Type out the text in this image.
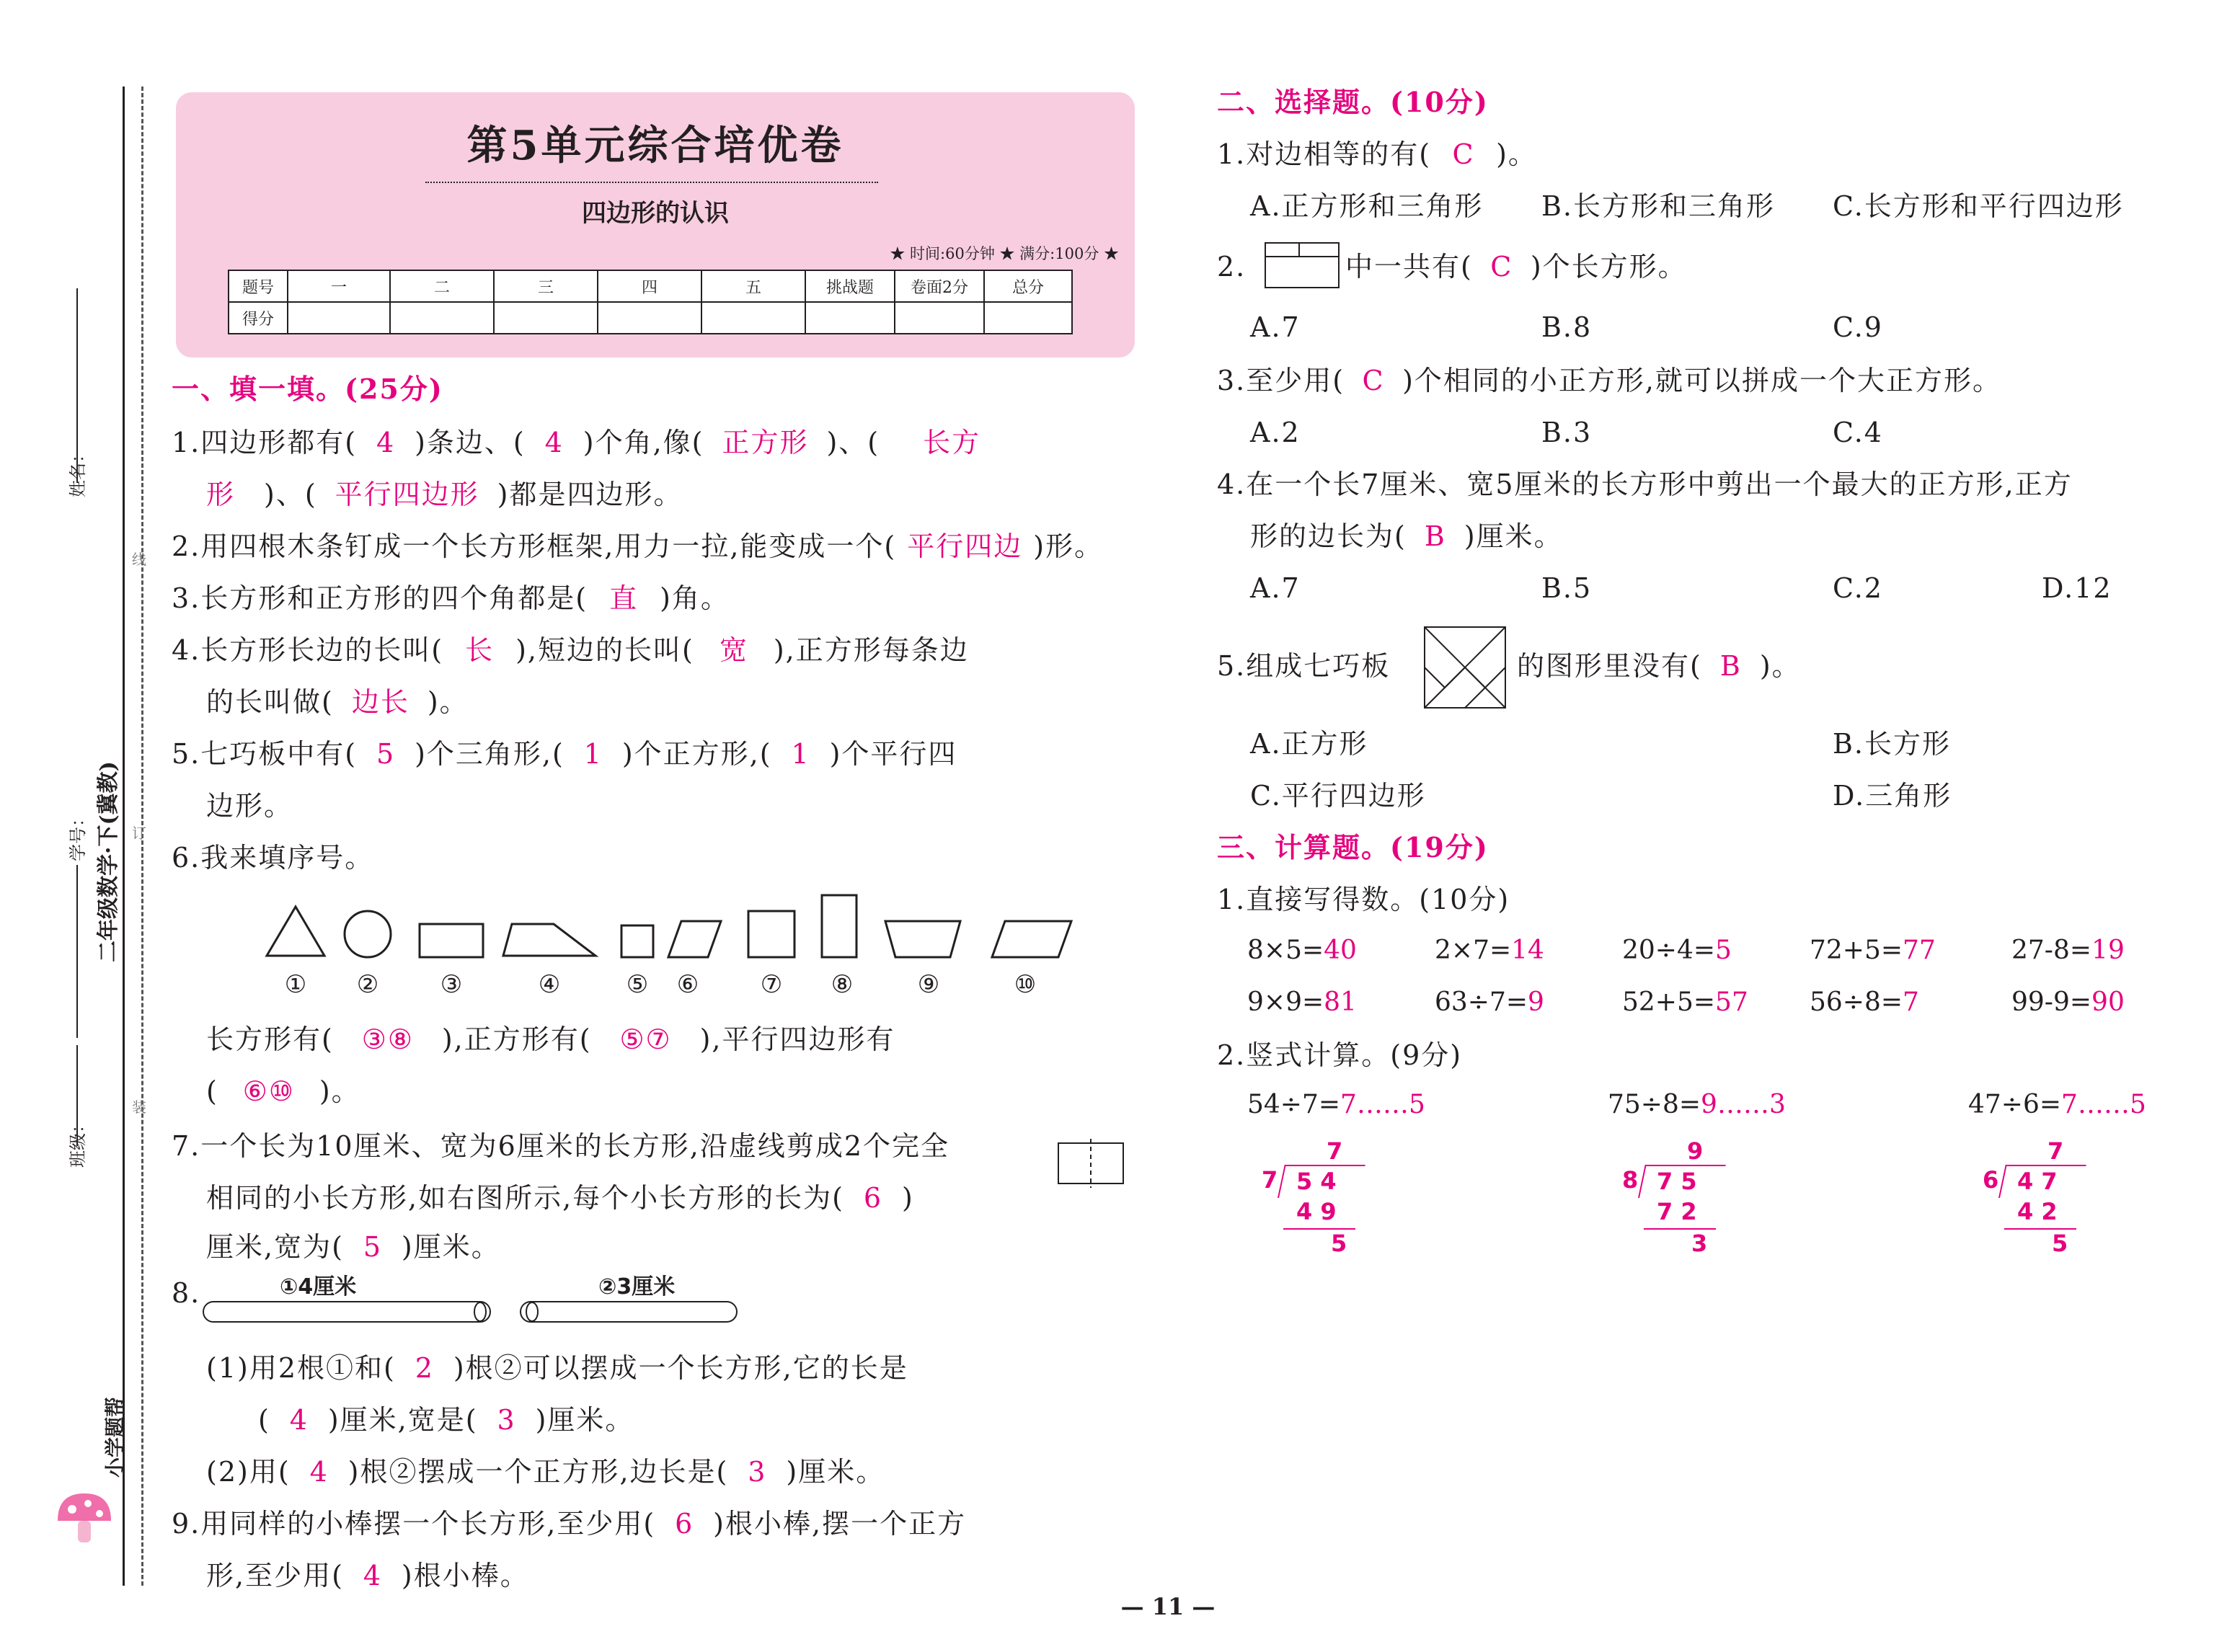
姓名：
学号： 二年级数学·下(冀教)
班级：
小学题帮
线
订
装
第5单元综合培优卷
四边形的认识
★ 时间:60分钟 ★ 满分:100分 ★
题号	一	二	三	四	五	挑战题	卷面2分	总分
得分								
一、填一填。(25分)
1.四边形都有( 4 )条边、( 4 )个角,像( 正方形 )、( 长方
形 )、( 平行四边形 )都是四边形。
2.用四根木条钉成一个长方形框架,用力一拉,能变成一个( 平行四边 )形。
3.长方形和正方形的四个角都是( 直 )角。
4.长方形长边的长叫( 长 ),短边的长叫( 宽 ),正方形每条边
的长叫做( 边长 )。
5.七巧板中有( 5 )个三角形,( 1 )个正方形,( 1 )个平行四
边形。
6.我来填序号。
① ②	③	④	⑤ ⑥	⑦ ⑧	⑨	⑩
长方形有( ③⑧ ),正方形有( ⑤⑦ ),平行四边形有
( ⑥⑩ )。
7.一个长为10厘米、宽为6厘米的长方形,沿虚线剪成2个完全
相同的小长方形,如右图所示,每个小长方形的长为( 6 )
厘米,宽为( 5 )厘米。
8.	①4厘米	②3厘米
(1)用2根①和( 2 )根②可以摆成一个长方形,它的长是
( 4 )厘米,宽是( 3 )厘米。
(2)用( 4 )根②摆成一个正方形,边长是( 3 )厘米。
9.用同样的小棒摆一个长方形,至少用( 6 )根小棒,摆一个正方
形,至少用( 4 )根小棒。
二、选择题。(10分)
1.对边相等的有( C )。
A.正方形和三角形 B.长方形和三角形 C.长方形和平行四边形
2.	中一共有( C )个长方形。
A.7	B.8	C.9
3.至少用( C )个相同的小正方形,就可以拼成一个大正方形。
A.2	B.3	C.4
4.在一个长7厘米、宽5厘米的长方形中剪出一个最大的正方形,正方
形的边长为( B )厘米。
A.7	B.5	C.2	D.12
5.组成七巧板	的图形里没有( B )。
A.正方形	B.长方形
C.平行四边形	D.三角形
三、计算题。(19分)
1.直接写得数。(10分)
8×5=40	2×7=14	20÷4=5	72+5=77	27-8=19
9×9=81	63÷7=9	52+5=57 56÷8=7	99-9=90
2.竖式计算。(9分)
54÷7=7……5	75÷8=9……3	47÷6=7……5
7
7 5 4
4 9
5
9
8 7 5
7 2
3
7
6 4 7
4 2
5
— 11 —
